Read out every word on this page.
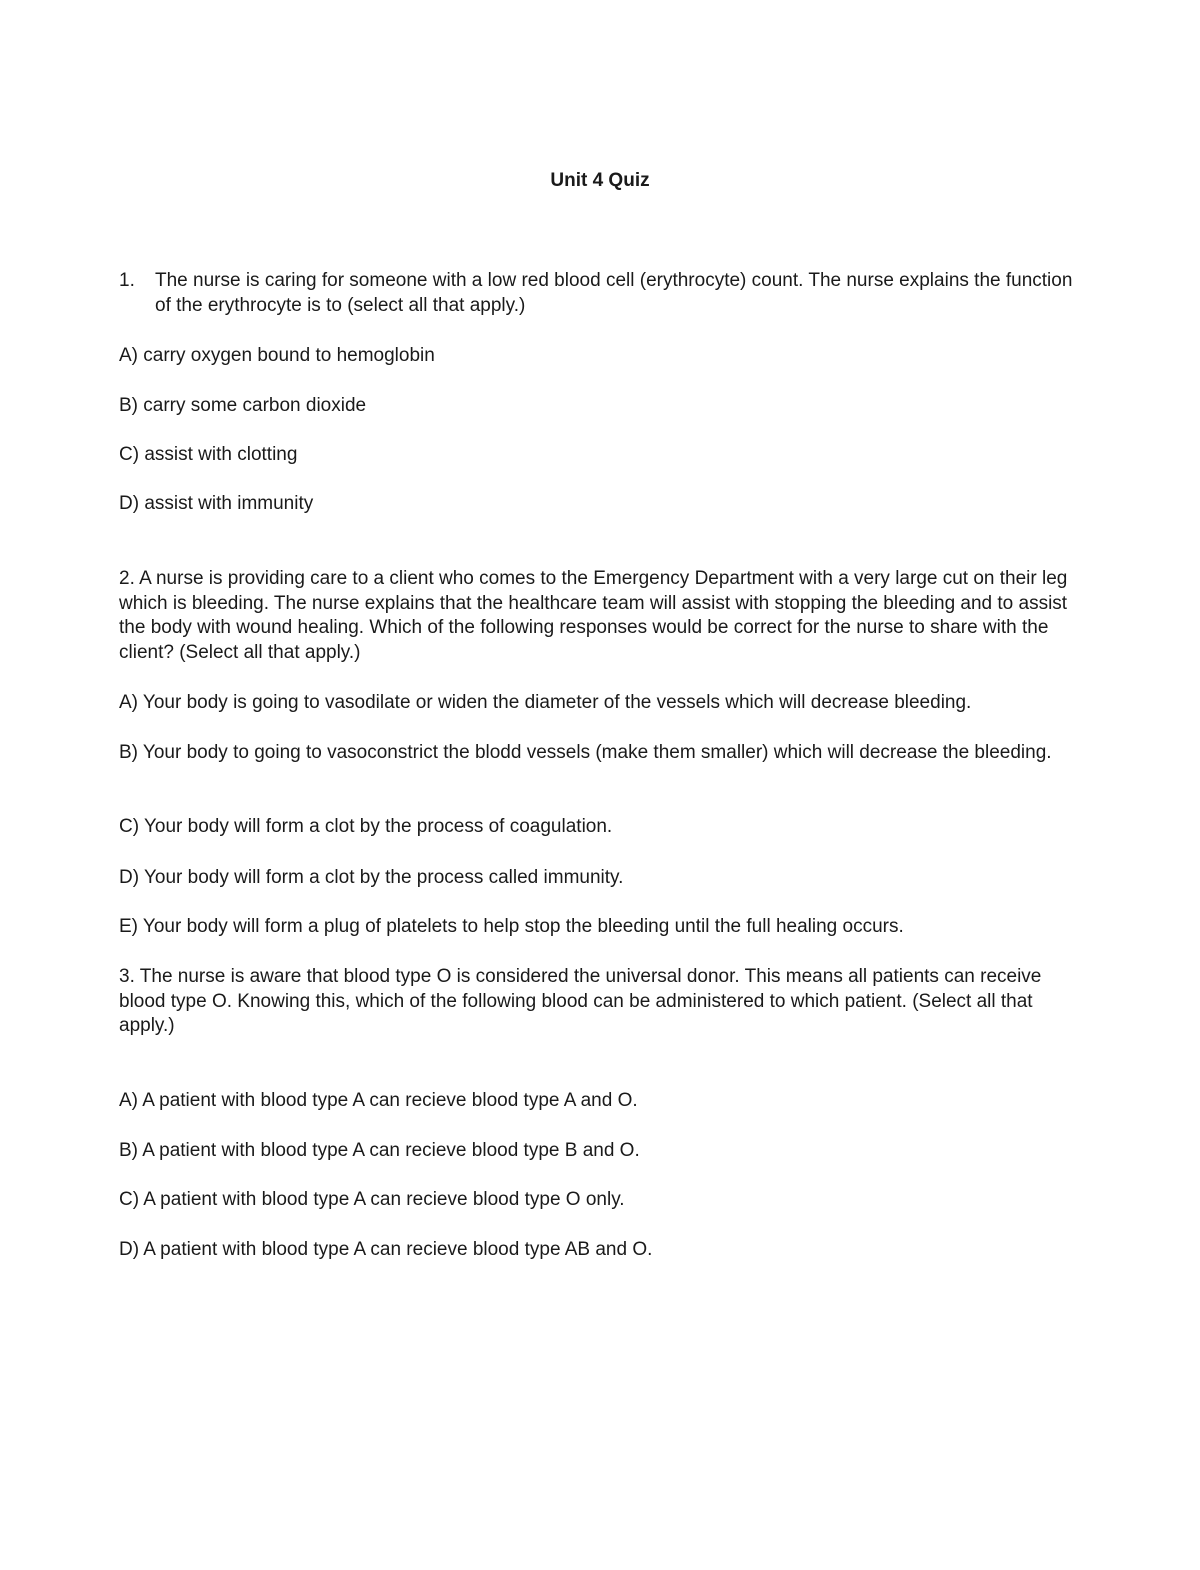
Unit 4 Quiz
1. The nurse is caring for someone with a low red blood cell (erythrocyte) count. The nurse explains the function of the erythrocyte is to (select all that apply.)
A) carry oxygen bound to hemoglobin
B) carry some carbon dioxide
C) assist with clotting
D) assist with immunity
2. A nurse is providing care to a client who comes to the Emergency Department with a very large cut on their leg which is bleeding. The nurse explains that the healthcare team will assist with stopping the bleeding and to assist the body with wound healing. Which of the following responses would be correct for the nurse to share with the client? (Select all that apply.)
A) Your body is going to vasodilate or widen the diameter of the vessels which will decrease bleeding.
B) Your body to going to vasoconstrict the blodd vessels (make them smaller) which will decrease the bleeding.
C) Your body will form a clot by the process of coagulation.
D) Your body will form a clot by the process called immunity.
E) Your body will form a plug of platelets to help stop the bleeding until the full healing occurs.
3. The nurse is aware that blood type O is considered the universal donor. This means all patients can receive blood type O. Knowing this, which of the following blood can be administered to which patient. (Select all that apply.)
A) A patient with blood type A can recieve blood type A and O.
B) A patient with blood type A can recieve blood type B and O.
C) A patient with blood type A can recieve blood type O only.
D) A patient with blood type A can recieve blood type AB and O.
